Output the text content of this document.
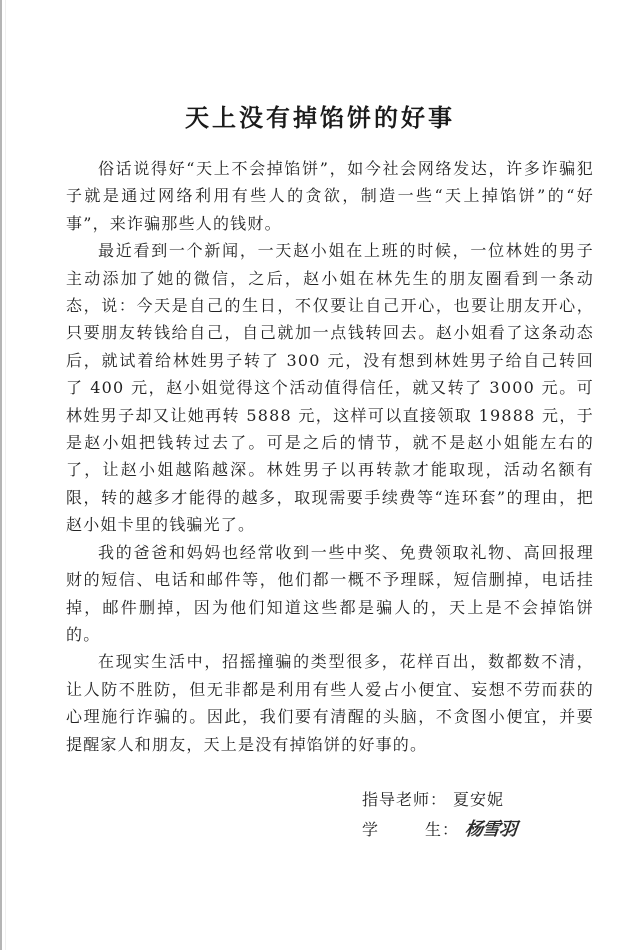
天上没有掉馅饼的好事

俗话说得好“天上不会掉馅饼”，如今社会网络发达，许多诈骗犯子就是通过网络利用有些人的贪欲，制造一些“天上掉馅饼”的“好事”，来诈骗那些人的钱财。

最近看到一个新闻，一天赵小姐在上班的时候，一位林姓的男子主动添加了她的微信，之后，赵小姐在林先生的朋友圈看到一条动态，说：今天是自己的生日，不仅要让自己开心，也要让朋友开心，只要朋友转钱给自己，自己就加一点钱转回去。赵小姐看了这条动态后，就试着给林姓男子转了 300 元，没有想到林姓男子给自己转回了 400 元，赵小姐觉得这个活动值得信任，就又转了 3000 元。可林姓男子却又让她再转 5888 元，这样可以直接领取 19888 元，于是赵小姐把钱转过去了。可是之后的情节，就不是赵小姐能左右的了，让赵小姐越陷越深。林姓男子以再转款才能取现，活动名额有限，转的越多才能得的越多，取现需要手续费等“连环套”的理由，把赵小姐卡里的钱骗光了。

我的爸爸和妈妈也经常收到一些中奖、免费领取礼物、高回报理财的短信、电话和邮件等，他们都一概不予理睬，短信删掉，电话挂掉，邮件删掉，因为他们知道这些都是骗人的，天上是不会掉馅饼的。

在现实生活中，招摇撞骗的类型很多，花样百出，数都数不清，让人防不胜防，但无非都是利用有些人爱占小便宜、妄想不劳而获的心理施行诈骗的。因此，我们要有清醒的头脑，不贪图小便宜，并要提醒家人和朋友，天上是没有掉馅饼的好事的。

指导老师 ： 夏安妮
学	生 ： 杨雪羽
